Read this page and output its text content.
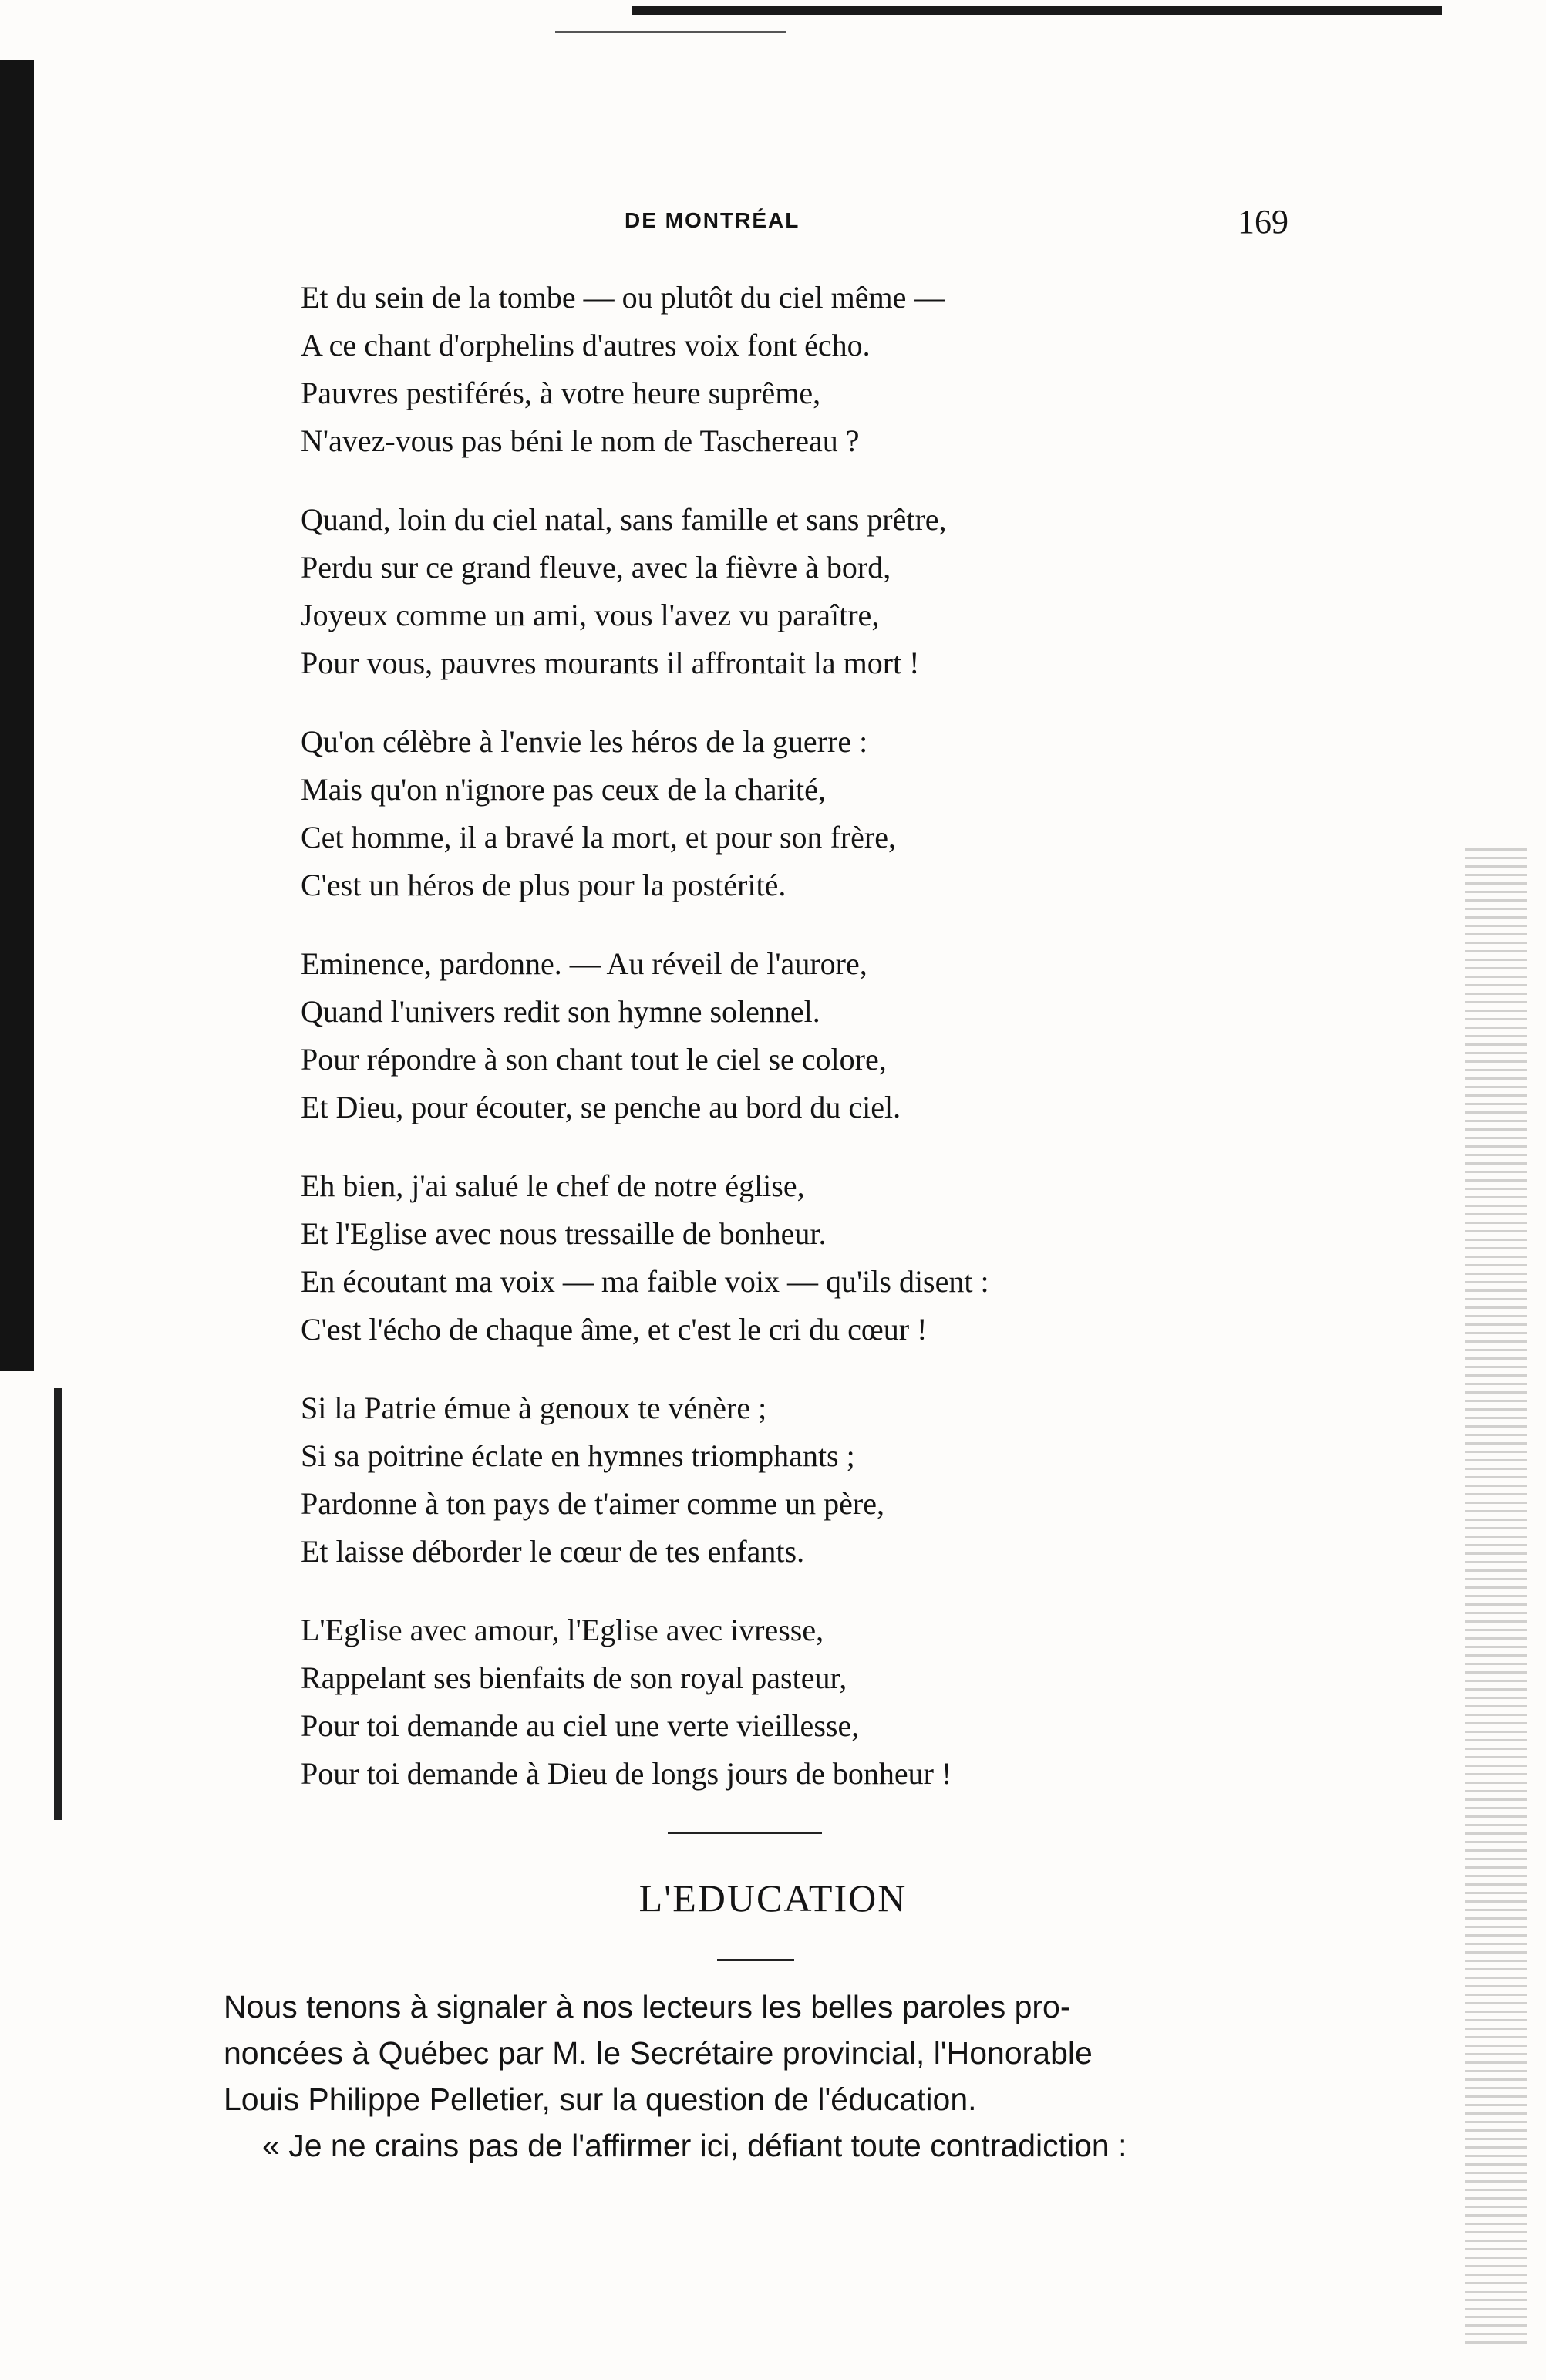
DE MONTRÉAL	169
Et du sein de la tombe — ou plutôt du ciel même —
A ce chant d'orphelins d'autres voix font écho.
Pauvres pestiférés, à votre heure suprême,
N'avez-vous pas béni le nom de Taschereau ?
Quand, loin du ciel natal, sans famille et sans prêtre,
Perdu sur ce grand fleuve, avec la fièvre à bord,
Joyeux comme un ami, vous l'avez vu paraître,
Pour vous, pauvres mourants il affrontait la mort !
Qu'on célèbre à l'envie les héros de la guerre :
Mais qu'on n'ignore pas ceux de la charité,
Cet homme, il a bravé la mort, et pour son frère,
C'est un héros de plus pour la postérité.
Eminence, pardonne. — Au réveil de l'aurore,
Quand l'univers redit son hymne solennel.
Pour répondre à son chant tout le ciel se colore,
Et Dieu, pour écouter, se penche au bord du ciel.
Eh bien, j'ai salué le chef de notre église,
Et l'Eglise avec nous tressaille de bonheur.
En écoutant ma voix — ma faible voix — qu'ils disent :
C'est l'écho de chaque âme, et c'est le cri du cœur !
Si la Patrie émue à genoux te vénère ;
Si sa poitrine éclate en hymnes triomphants ;
Pardonne à ton pays de t'aimer comme un père,
Et laisse déborder le cœur de tes enfants.
L'Eglise avec amour, l'Eglise avec ivresse,
Rappelant ses bienfaits de son royal pasteur,
Pour toi demande au ciel une verte vieillesse,
Pour toi demande à Dieu de longs jours de bonheur !
L'EDUCATION
Nous tenons à signaler à nos lecteurs les belles paroles pro-
noncées à Québec par M. le Secrétaire provincial, l'Honorable
Louis Philippe Pelletier, sur la question de l'éducation.
« Je ne crains pas de l'affirmer ici, défiant toute contradiction :
